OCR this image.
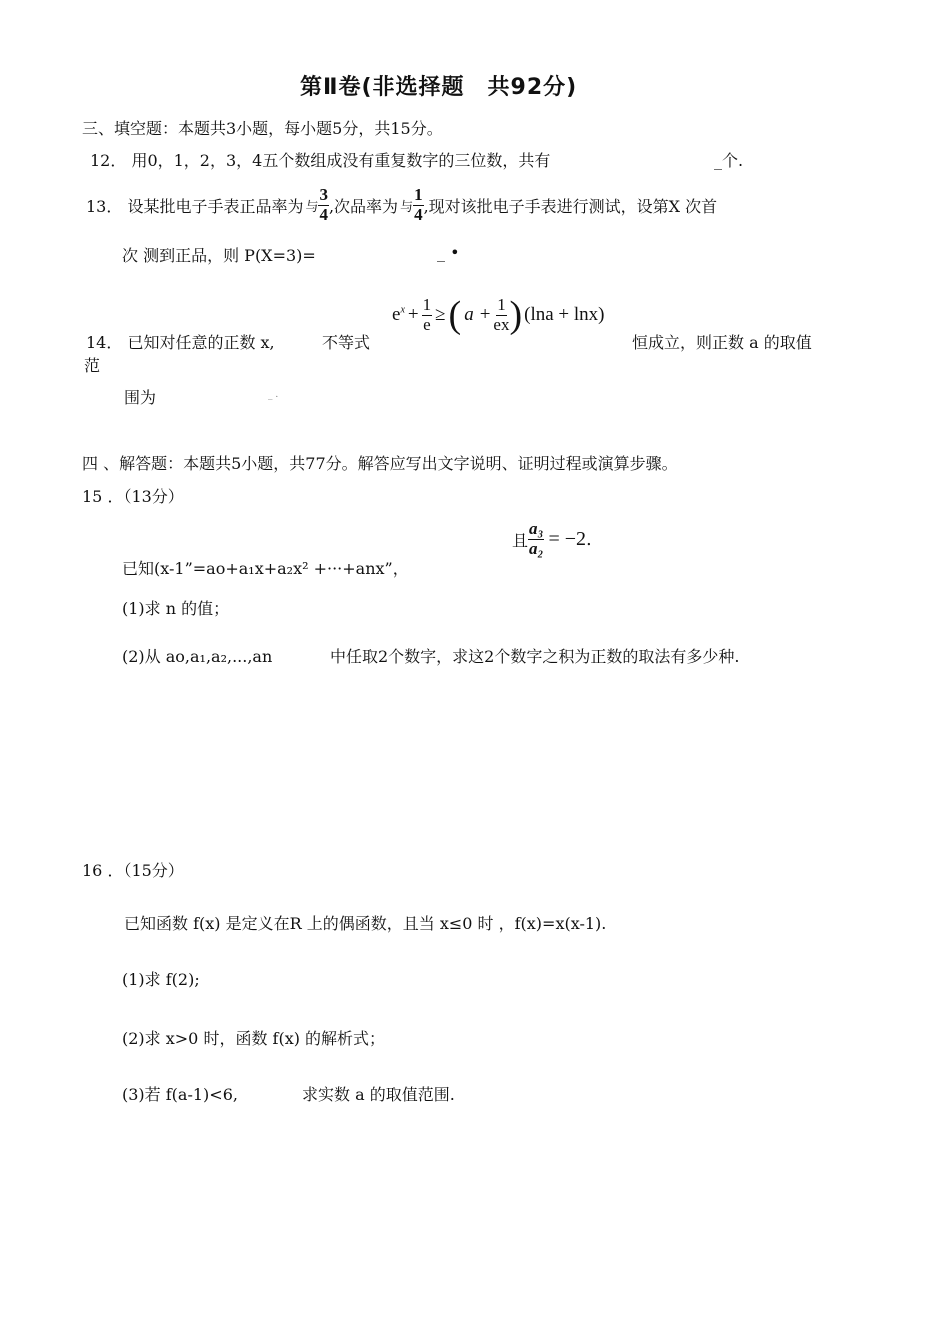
第Ⅱ卷(非选择题　共92分)
三、填空题：本题共3小题，每小题5分，共15分。
12． 用0，1，2，3，4五个数组成没有重复数字的三位数，共有	_个.
13． 设某批电子手表正品率为 与 $\frac{3}{4}$ ,次品率为 与 $\frac{1}{4}$ ,现对该批电子手表进行测试，设第X 次首
次 测到正品，则 P(X=3)=	_ •
14． 已知对任意的正数 x,	不等式
$e^x + \frac{1}{e}$ ≥ ( $a + \frac{1}{ex}$ ) (lna + lnx)
恒成立，则正数 a 的取值
范
围为	_ .
四 、解答题：本题共5小题，共77分。解答应写出文字说明、证明过程或演算步骤。
15 ．（13分）
且 $\frac{\text{a₃}}{\text{a₂}} = -2$ .
已知(x-1”=ao+a₁x+a₂x² +···+anx”，
(1)求 n 的值；
(2)从 ao,a₁,a₂,...,an	中任取2个数字，求这2个数字之积为正数的取法有多少种.
16 ．（15分）
已知函数 f(x) 是定义在R 上的偶函数，且当 x≤0 时 ，f(x)=x(x-1).
(1)求 f(2);
(2)求 x>0 时，函数 f(x) 的解析式；
(3)若 f(a-1)<6,	求实数 a 的取值范围.
